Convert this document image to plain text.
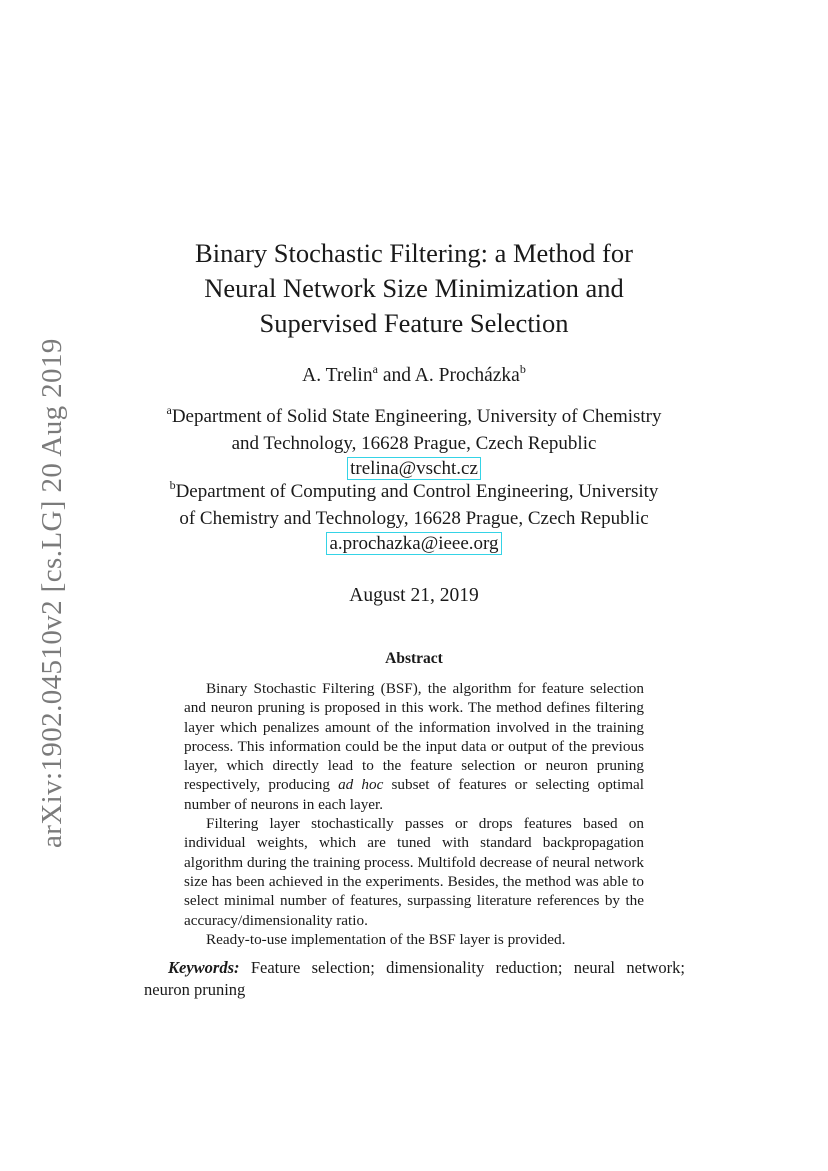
arXiv:1902.04510v2 [cs.LG] 20 Aug 2019
Binary Stochastic Filtering: a Method for
Neural Network Size Minimization and
Supervised Feature Selection
A. Trelin$^a$ and A. Procházka$^b$
$^a$Department of Solid State Engineering, University of Chemistry
and Technology, 16628 Prague, Czech Republic
trelina@vscht.cz
$^b$Department of Computing and Control Engineering, University
of Chemistry and Technology, 16628 Prague, Czech Republic
a.prochazka@ieee.org
August 21, 2019
Abstract

Binary Stochastic Filtering (BSF), the algorithm for feature selection and neuron pruning is proposed in this work. The method defines filtering layer which penalizes amount of the information involved in the training process. This information could be the input data or output of the previous layer, which directly lead to the feature selection or neuron pruning respectively, producing ad hoc subset of features or selecting optimal number of neurons in each layer.

Filtering layer stochastically passes or drops features based on individual weights, which are tuned with standard backpropagation algorithm during the training process. Multifold decrease of neural network size has been achieved in the experiments. Besides, the method was able to select minimal number of features, surpassing literature references by the accuracy/dimensionality ratio.

Ready-to-use implementation of the BSF layer is provided.

Keywords: Feature selection; dimensionality reduction; neural network; neuron pruning
